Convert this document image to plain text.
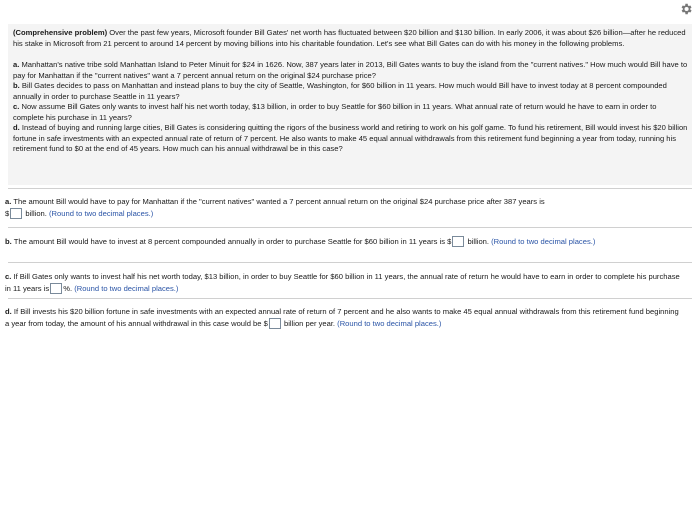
(Comprehensive problem) Over the past few years, Microsoft founder Bill Gates' net worth has fluctuated between $20 billion and $130 billion. In early 2006, it was about $26 billion—after he reduced his stake in Microsoft from 21 percent to around 14 percent by moving billions into his charitable foundation. Let's see what Bill Gates can do with his money in the following problems.

a. Manhattan's native tribe sold Manhattan Island to Peter Minuit for $24 in 1626. Now, 387 years later in 2013, Bill Gates wants to buy the island from the "current natives." How much would Bill have to pay for Manhattan if the "current natives" want a 7 percent annual return on the original $24 purchase price?

b. Bill Gates decides to pass on Manhattan and instead plans to buy the city of Seattle, Washington, for $60 billion in 11 years. How much would Bill have to invest today at 8 percent compounded annually in order to purchase Seattle in 11 years?

c. Now assume Bill Gates only wants to invest half his net worth today, $13 billion, in order to buy Seattle for $60 billion in 11 years. What annual rate of return would he have to earn in order to complete his purchase in 11 years?

d. Instead of buying and running large cities, Bill Gates is considering quitting the rigors of the business world and retiring to work on his golf game. To fund his retirement, Bill would invest his $20 billion fortune in safe investments with an expected annual rate of return of 7 percent. He also wants to make 45 equal annual withdrawals from this retirement fund beginning a year from today, running his retirement fund to $0 at the end of 45 years. How much can his annual withdrawal be in this case?

a. The amount Bill would have to pay for Manhattan if the "current natives" wanted a 7 percent annual return on the original $24 purchase price after 387 years is
$ billion. (Round to two decimal places.)
b. The amount Bill would have to invest at 8 percent compounded annually in order to purchase Seattle for $60 billion in 11 years is $ billion. (Round to two decimal places.)
c. If Bill Gates only wants to invest half his net worth today, $13 billion, in order to buy Seattle for $60 billion in 11 years, the annual rate of return he would have to earn in order to complete his purchase in 11 years is %. (Round to two decimal places.)
d. If Bill invests his $20 billion fortune in safe investments with an expected annual rate of return of 7 percent and he also wants to make 45 equal annual withdrawals from this retirement fund beginning a year from today, the amount of his annual withdrawal in this case would be $ billion per year. (Round to two decimal places.)
